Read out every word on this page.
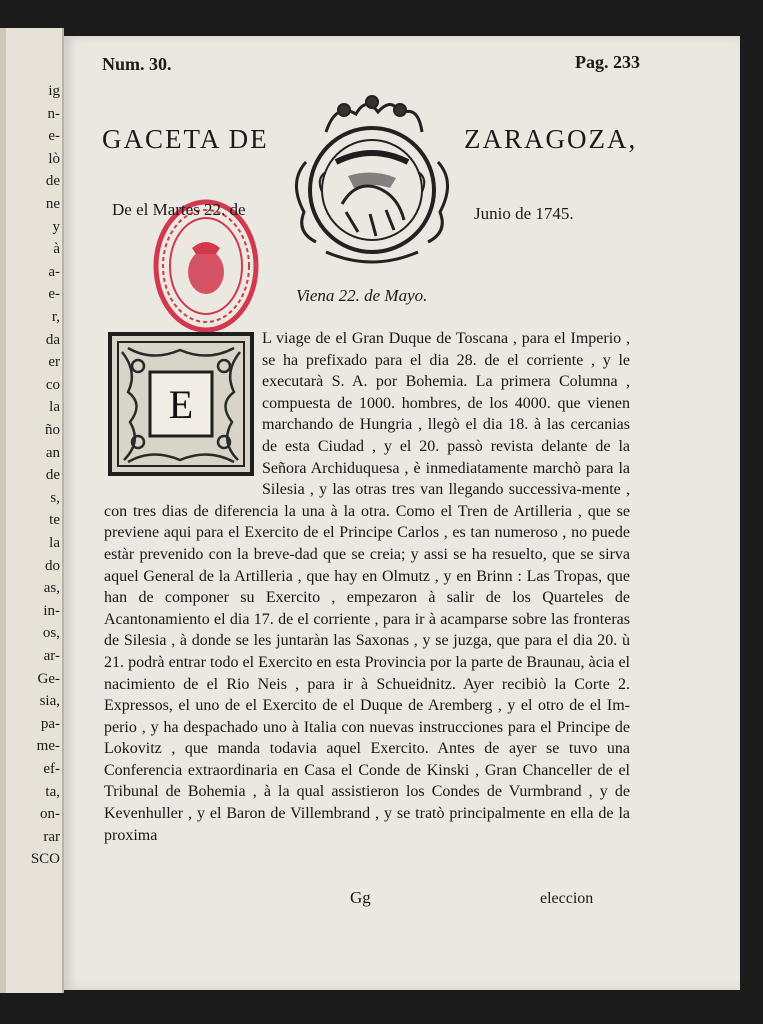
ig
n-
e-
lò
de
ne
y
à
a-
e-
r,
da
er
co
la
ño
an
de
s,
te
la
do
as,
in-
os,
ar-
Ge-
sia,
pa-
me-
ef-
ta,
on-
rar
SCO
Num. 30.	Pag. 233
GACETA DE	ZARAGOZA,
De el Martes 22. de	Junio de 1745.
Viena 22. de Mayo.
E

L viage de el Gran Duque de Toscana , para el Imperio , se ha prefixado para el dia 28. de el corriente , y le executarà S. A. por Bohemia. La primera Columna , compuesta de 1000. hombres, de los 4000. que vienen marchando de Hungria , llegò el dia 18. à las cercanias de esta Ciudad , y el 20. passò revista delante de la Señora Archiduquesa , è inmediatamente marchò para la Silesia , y las otras tres van llegando successiva-mente , con tres dias de diferencia la una à la otra. Como el Tren de Artilleria , que se previene aqui para el Exercito de el Principe Carlos , es tan numeroso , no puede estàr prevenido con la breve-dad que se creia; y assi se ha resuelto, que se sirva aquel General de la Artilleria , que hay en Olmutz , y en Brinn : Las Tropas, que han de componer su Exercito , empezaron à salir de los Quarteles de Acantonamiento el dia 17. de el corriente , para ir à acamparse sobre las fronteras de Silesia , à donde se les juntaràn las Saxonas , y se juzga, que para el dia 20. ù 21. podrà entrar todo el Exercito en esta Provincia por la parte de Braunau, àcia el nacimiento de el Rio Neis , para ir à Schueidnitz. Ayer recibiò la Corte 2. Expressos, el uno de el Exercito de el Duque de Aremberg , y el otro de el Im-perio , y ha despachado uno à Italia con nuevas instrucciones para el Principe de Lokovitz , que manda todavia aquel Exercito. Antes de ayer se tuvo una Conferencia extraordinaria en Casa el Conde de Kinski , Gran Chanceller de el Tribunal de Bohemia , à la qual assistieron los Condes de Vurmbrand , y de Kevenhuller , y el Baron de Villembrand , y se tratò principalmente en ella de la proxima

Gg	eleccion
